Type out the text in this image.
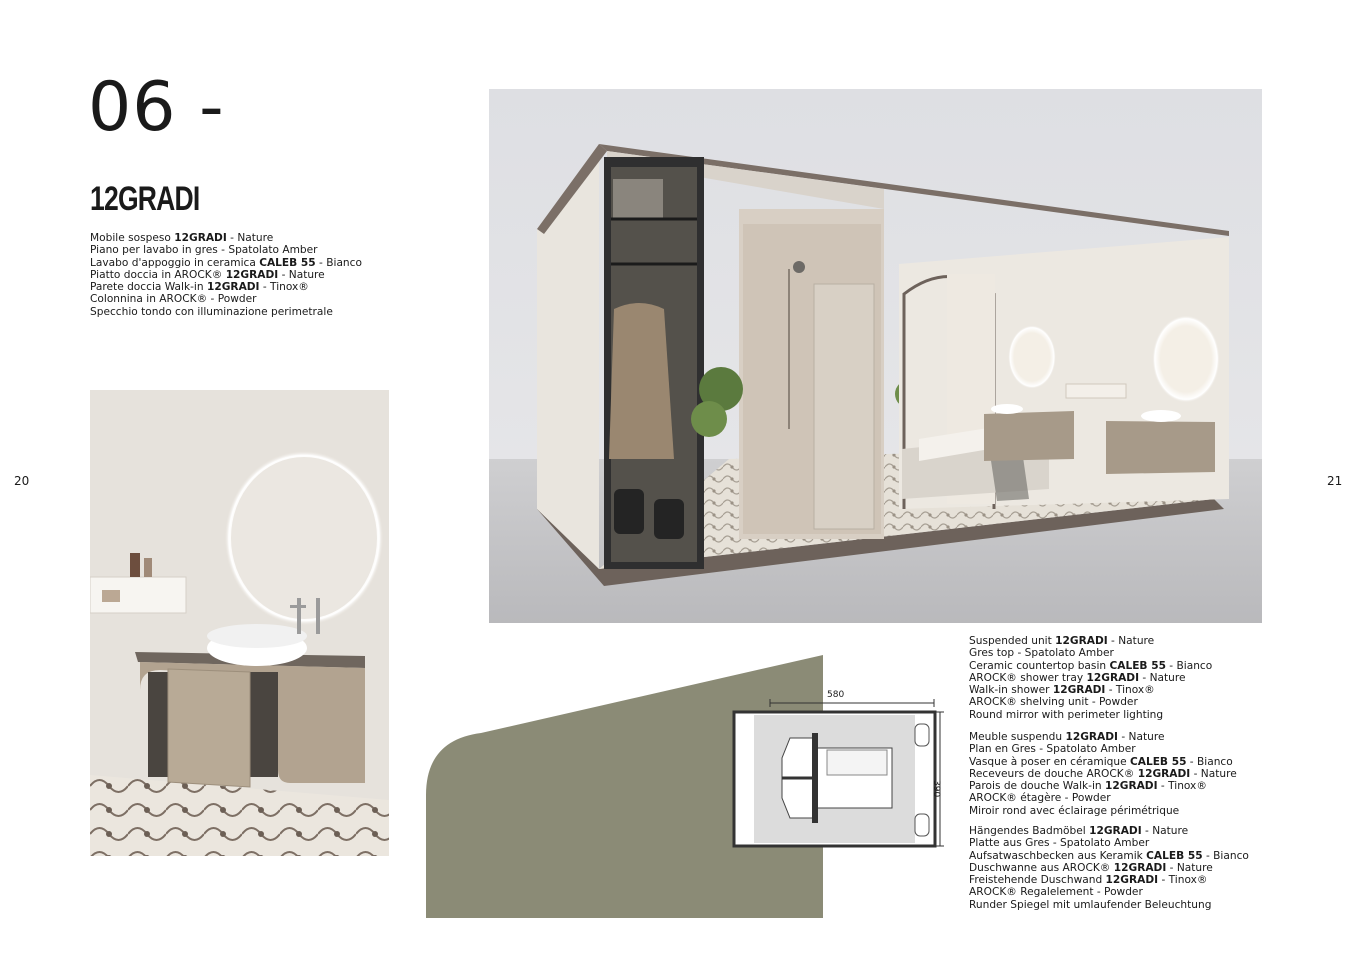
06 -
12GRADI
Mobile sospeso 12GRADI - Nature
Piano per lavabo in gres - Spatolato Amber
Lavabo d'appoggio in ceramica CALEB 55 - Bianco
Piatto doccia in AROCK® 12GRADI - Nature
Parete doccia Walk-in 12GRADI - Tinox®
Colonnina in AROCK® - Powder
Specchio tondo con illuminazione perimetrale
20	21
580
390
Suspended unit 12GRADI - Nature
Gres top - Spatolato Amber
Ceramic countertop basin CALEB 55 - Bianco
AROCK® shower tray 12GRADI - Nature
Walk-in shower 12GRADI - Tinox®
AROCK® shelving unit - Powder
Round mirror with perimeter lighting
Meuble suspendu 12GRADI - Nature
Plan en Gres - Spatolato Amber
Vasque à poser en céramique CALEB 55 - Bianco
Receveurs de douche AROCK® 12GRADI - Nature
Parois de douche Walk-in 12GRADI - Tinox®
AROCK® étagère - Powder
Miroir rond avec éclairage périmétrique
Hängendes Badmöbel 12GRADI - Nature
Platte aus Gres - Spatolato Amber
Aufsatwaschbecken aus Keramik CALEB 55 - Bianco
Duschwanne aus AROCK® 12GRADI - Nature
Freistehende Duschwand 12GRADI - Tinox®
AROCK® Regalelement - Powder
Runder Spiegel mit umlaufender Beleuchtung
